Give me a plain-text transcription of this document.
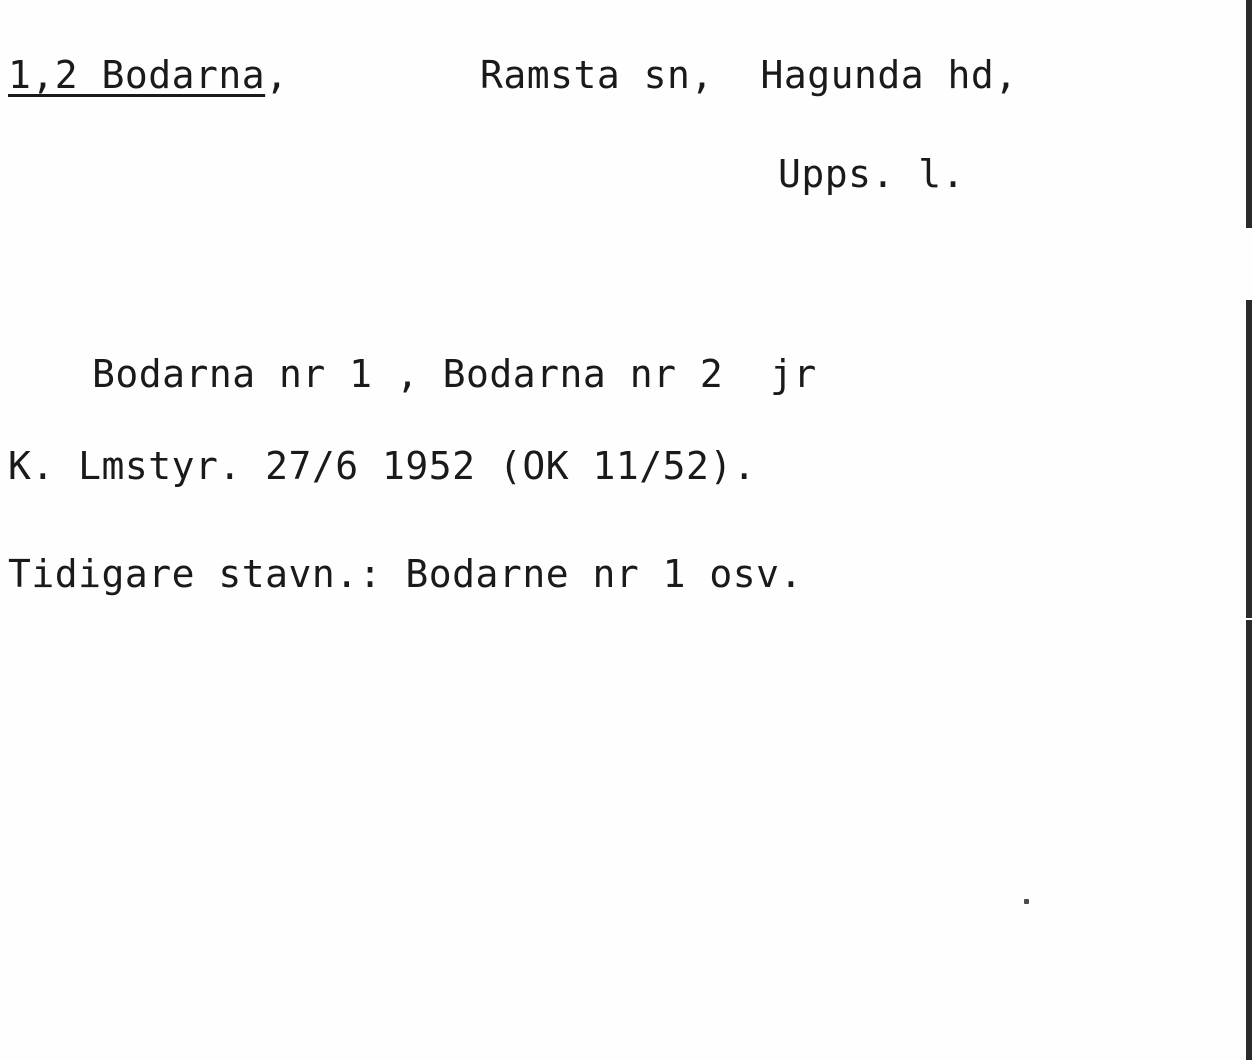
1,2 Bodarna,	Ramsta sn,  Hagunda hd,
Upps. l.
Bodarna nr 1 , Bodarna nr 2  jr
K. Lmstyr. 27/6 1952 (OK 11/52).
Tidigare stavn.: Bodarne nr 1 osv.
